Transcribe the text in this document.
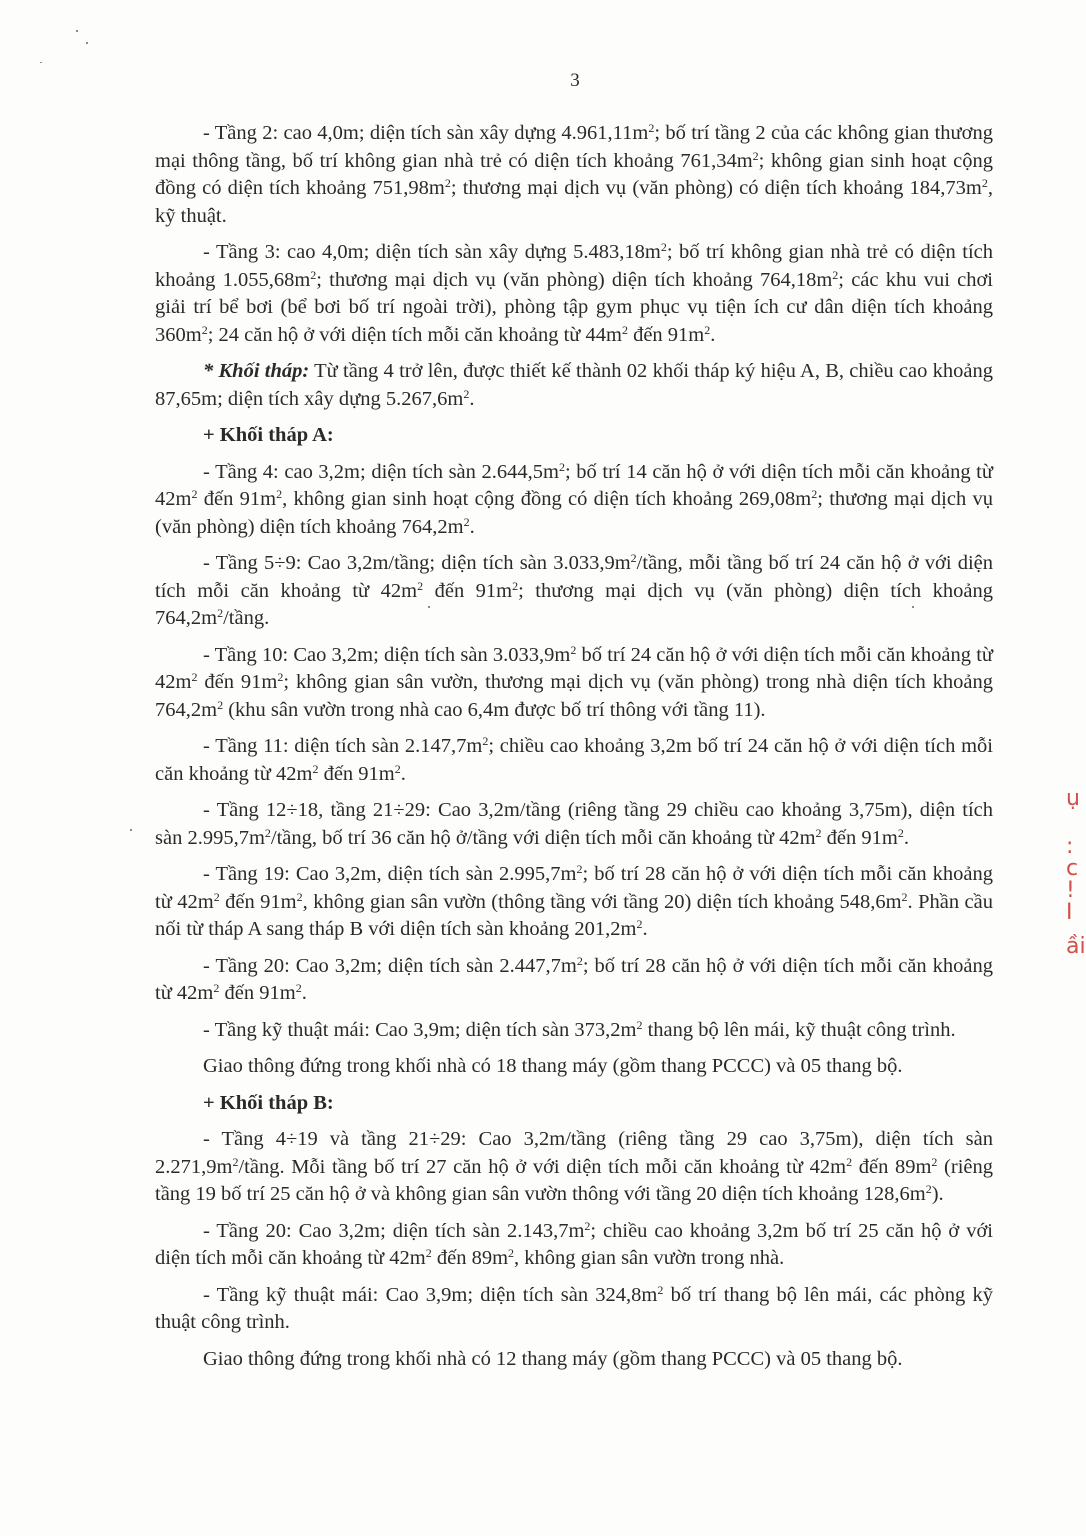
3

- Tầng 2: cao 4,0m; diện tích sàn xây dựng $4.961,11m^2$; bố trí tầng 2 của các không gian thương mại thông tầng, bố trí không gian nhà trẻ có diện tích khoảng $761,34m^2$; không gian sinh hoạt cộng đồng có diện tích khoảng $751,98m^2$; thương mại dịch vụ (văn phòng) có diện tích khoảng $184,73m^2$, kỹ thuật.

- Tầng 3: cao 4,0m; diện tích sàn xây dựng $5.483,18m^2$; bố trí không gian nhà trẻ có diện tích khoảng $1.055,68m^2$; thương mại dịch vụ (văn phòng) diện tích khoảng $764,18m^2$; các khu vui chơi giải trí bể bơi (bể bơi bố trí ngoài trời), phòng tập gym phục vụ tiện ích cư dân diện tích khoảng $360m^2$; 24 căn hộ ở với diện tích mỗi căn khoảng từ $44m^2$ đến $91m^2$.

* Khối tháp: Từ tầng 4 trở lên, được thiết kế thành 02 khối tháp ký hiệu A, B, chiều cao khoảng 87,65m; diện tích xây dựng $5.267,6m^2$.

+ Khối tháp A:

- Tầng 4: cao 3,2m; diện tích sàn $2.644,5m^2$; bố trí 14 căn hộ ở với diện tích mỗi căn khoảng từ $42m^2$ đến $91m^2$, không gian sinh hoạt cộng đồng có diện tích khoảng $269,08m^2$; thương mại dịch vụ (văn phòng) diện tích khoảng $764,2m^2$.

- Tầng 5÷9: Cao 3,2m/tầng; diện tích sàn $3.033,9m^2$/tầng, mỗi tầng bố trí 24 căn hộ ở với diện tích mỗi căn khoảng từ $42m^2$ đến $91m^2$; thương mại dịch vụ (văn phòng) diện tích khoảng $764,2m^2$/tầng.

- Tầng 10: Cao 3,2m; diện tích sàn $3.033,9m^2$ bố trí 24 căn hộ ở với diện tích mỗi căn khoảng từ $42m^2$ đến $91m^2$; không gian sân vườn, thương mại dịch vụ (văn phòng) trong nhà diện tích khoảng $764,2m^2$ (khu sân vườn trong nhà cao 6,4m được bố trí thông với tầng 11).

- Tầng 11: diện tích sàn $2.147,7m^2$; chiều cao khoảng 3,2m bố trí 24 căn hộ ở với diện tích mỗi căn khoảng từ $42m^2$ đến $91m^2$.

- Tầng 12÷18, tầng 21÷29: Cao 3,2m/tầng (riêng tầng 29 chiều cao khoảng 3,75m), diện tích sàn $2.995,7m^2$/tầng, bố trí 36 căn hộ ở/tầng với diện tích mỗi căn khoảng từ $42m^2$ đến $91m^2$.

- Tầng 19: Cao 3,2m, diện tích sàn $2.995,7m^2$; bố trí 28 căn hộ ở với diện tích mỗi căn khoảng từ $42m^2$ đến $91m^2$, không gian sân vườn (thông tầng với tầng 20) diện tích khoảng $548,6m^2$. Phần cầu nối từ tháp A sang tháp B với diện tích sàn khoảng $201,2m^2$.

- Tầng 20: Cao 3,2m; diện tích sàn $2.447,7m^2$; bố trí 28 căn hộ ở với diện tích mỗi căn khoảng từ $42m^2$ đến $91m^2$.

- Tầng kỹ thuật mái: Cao 3,9m; diện tích sàn $373,2m^2$ thang bộ lên mái, kỹ thuật công trình.

Giao thông đứng trong khối nhà có 18 thang máy (gồm thang PCCC) và 05 thang bộ.

+ Khối tháp B:

- Tầng 4÷19 và tầng 21÷29: Cao 3,2m/tầng (riêng tầng 29 cao 3,75m), diện tích sàn $2.271,9m^2$/tầng. Mỗi tầng bố trí 27 căn hộ ở với diện tích mỗi căn khoảng từ $42m^2$ đến $89m^2$ (riêng tầng 19 bố trí 25 căn hộ ở và không gian sân vườn thông với tầng 20 diện tích khoảng $128,6m^2$).

- Tầng 20: Cao 3,2m; diện tích sàn $2.143,7m^2$; chiều cao khoảng 3,2m bố trí 25 căn hộ ở với diện tích mỗi căn khoảng từ $42m^2$ đến $89m^2$, không gian sân vườn trong nhà.

- Tầng kỹ thuật mái: Cao 3,9m; diện tích sàn $324,8m^2$ bố trí thang bộ lên mái, các phòng kỹ thuật công trình.

Giao thông đứng trong khối nhà có 12 thang máy (gồm thang PCCC) và 05 thang bộ.

ụ
: c
! I
ầi
